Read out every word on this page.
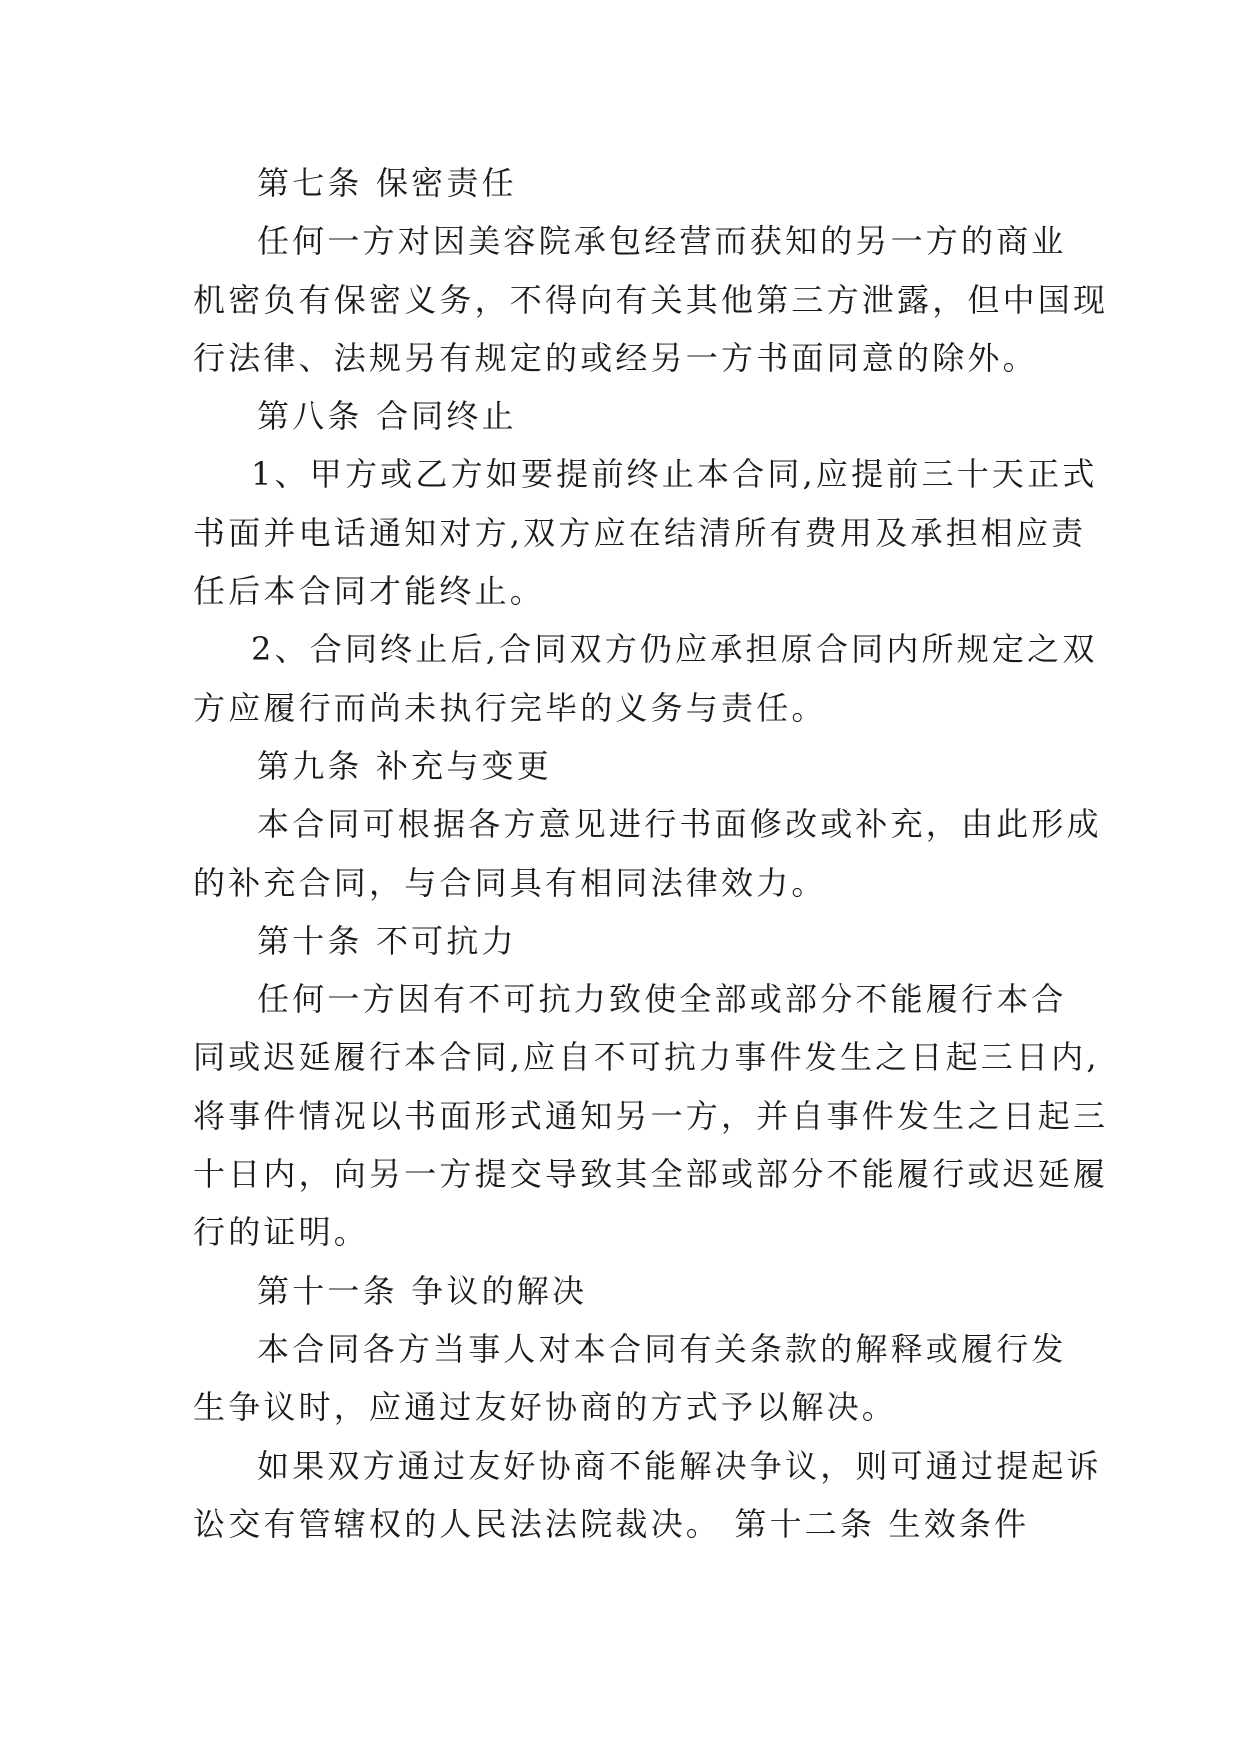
第七条 保密责任
任何一方对因美容院承包经营而获知的另一方的商业
机密负有保密义务，不得向有关其他第三方泄露，但中国现
行法律、法规另有规定的或经另一方书面同意的除外。
第八条 合同终止
1、甲方或乙方如要提前终止本合同,应提前三十天正式
书面并电话通知对方,双方应在结清所有费用及承担相应责
任后本合同才能终止。
2、合同终止后,合同双方仍应承担原合同内所规定之双
方应履行而尚未执行完毕的义务与责任。
第九条 补充与变更
本合同可根据各方意见进行书面修改或补充，由此形成
的补充合同，与合同具有相同法律效力。
第十条 不可抗力
任何一方因有不可抗力致使全部或部分不能履行本合
同或迟延履行本合同,应自不可抗力事件发生之日起三日内,
将事件情况以书面形式通知另一方，并自事件发生之日起三
十日内，向另一方提交导致其全部或部分不能履行或迟延履
行的证明。
第十一条 争议的解决
本合同各方当事人对本合同有关条款的解释或履行发
生争议时，应通过友好协商的方式予以解决。
如果双方通过友好协商不能解决争议，则可通过提起诉
讼交有管辖权的人民法法院裁决。 第十二条 生效条件
